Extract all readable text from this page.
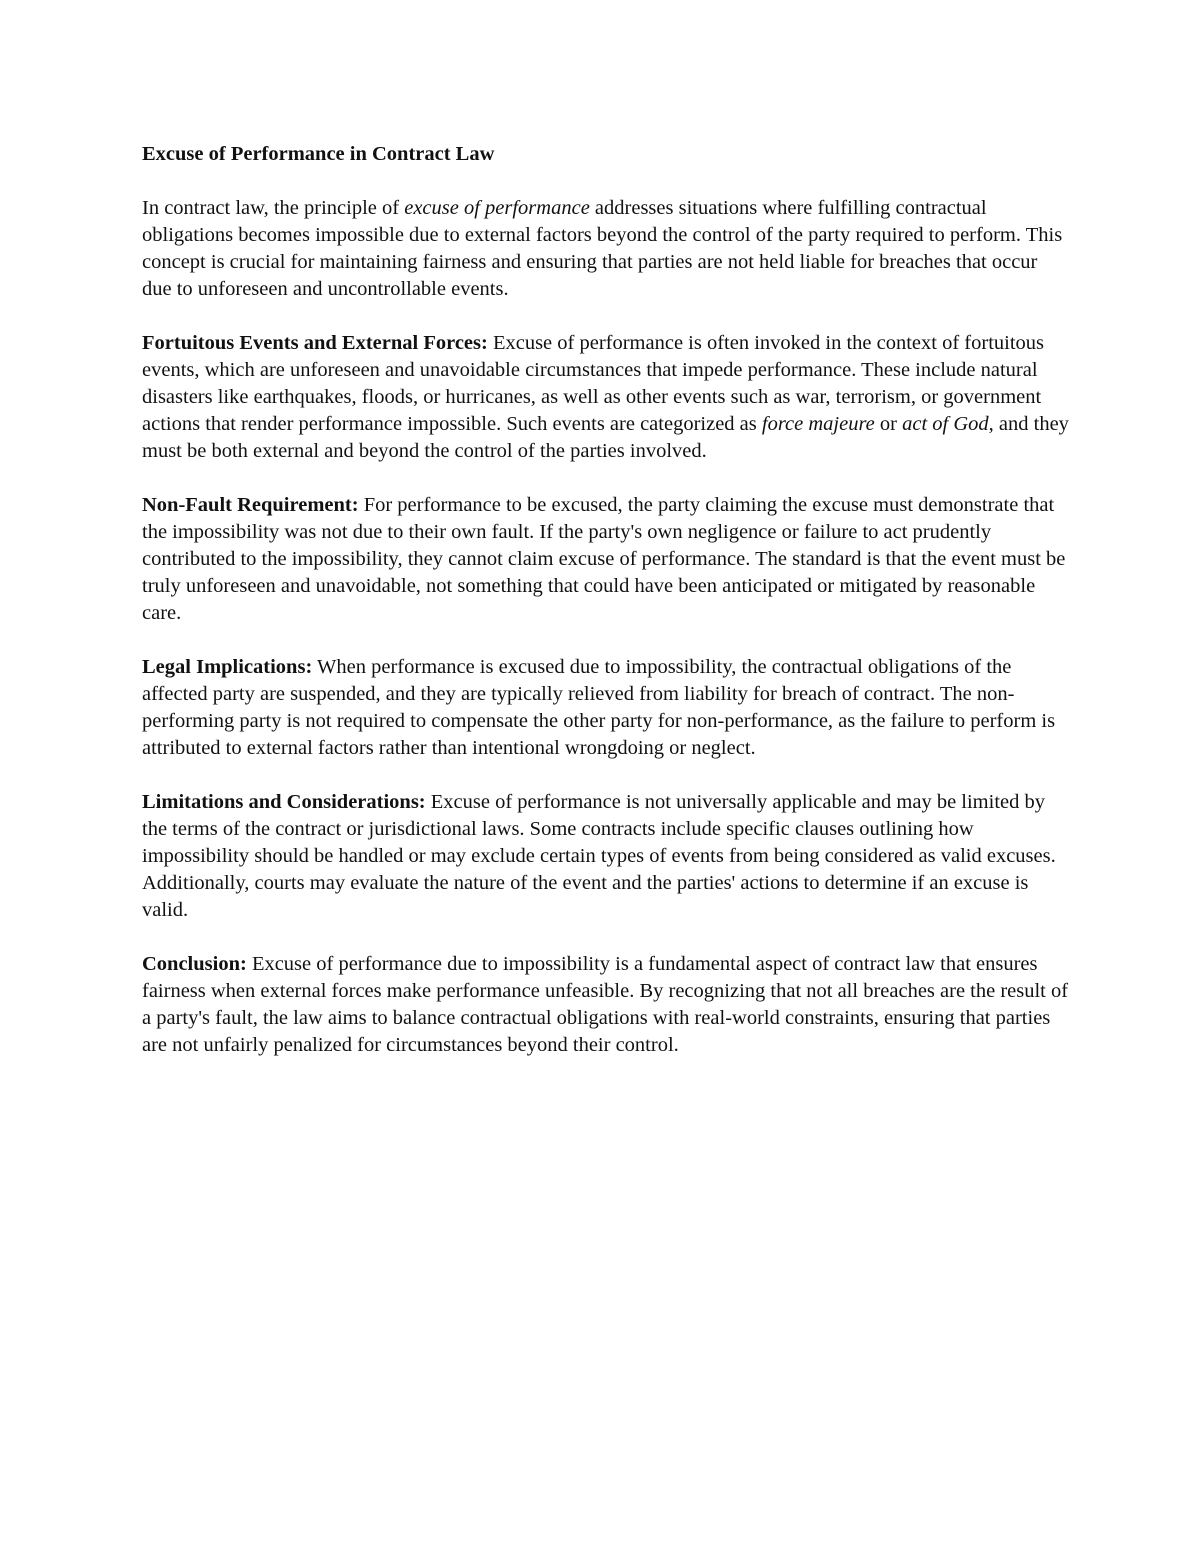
Excuse of Performance in Contract Law

In contract law, the principle of excuse of performance addresses situations where fulfilling contractual obligations becomes impossible due to external factors beyond the control of the party required to perform. This concept is crucial for maintaining fairness and ensuring that parties are not held liable for breaches that occur due to unforeseen and uncontrollable events.

Fortuitous Events and External Forces: Excuse of performance is often invoked in the context of fortuitous events, which are unforeseen and unavoidable circumstances that impede performance. These include natural disasters like earthquakes, floods, or hurricanes, as well as other events such as war, terrorism, or government actions that render performance impossible. Such events are categorized as force majeure or act of God, and they must be both external and beyond the control of the parties involved.

Non-Fault Requirement: For performance to be excused, the party claiming the excuse must demonstrate that the impossibility was not due to their own fault. If the party's own negligence or failure to act prudently contributed to the impossibility, they cannot claim excuse of performance. The standard is that the event must be truly unforeseen and unavoidable, not something that could have been anticipated or mitigated by reasonable care.

Legal Implications: When performance is excused due to impossibility, the contractual obligations of the affected party are suspended, and they are typically relieved from liability for breach of contract. The non-performing party is not required to compensate the other party for non-performance, as the failure to perform is attributed to external factors rather than intentional wrongdoing or neglect.

Limitations and Considerations: Excuse of performance is not universally applicable and may be limited by the terms of the contract or jurisdictional laws. Some contracts include specific clauses outlining how impossibility should be handled or may exclude certain types of events from being considered as valid excuses. Additionally, courts may evaluate the nature of the event and the parties' actions to determine if an excuse is valid.

Conclusion: Excuse of performance due to impossibility is a fundamental aspect of contract law that ensures fairness when external forces make performance unfeasible. By recognizing that not all breaches are the result of a party's fault, the law aims to balance contractual obligations with real-world constraints, ensuring that parties are not unfairly penalized for circumstances beyond their control.
